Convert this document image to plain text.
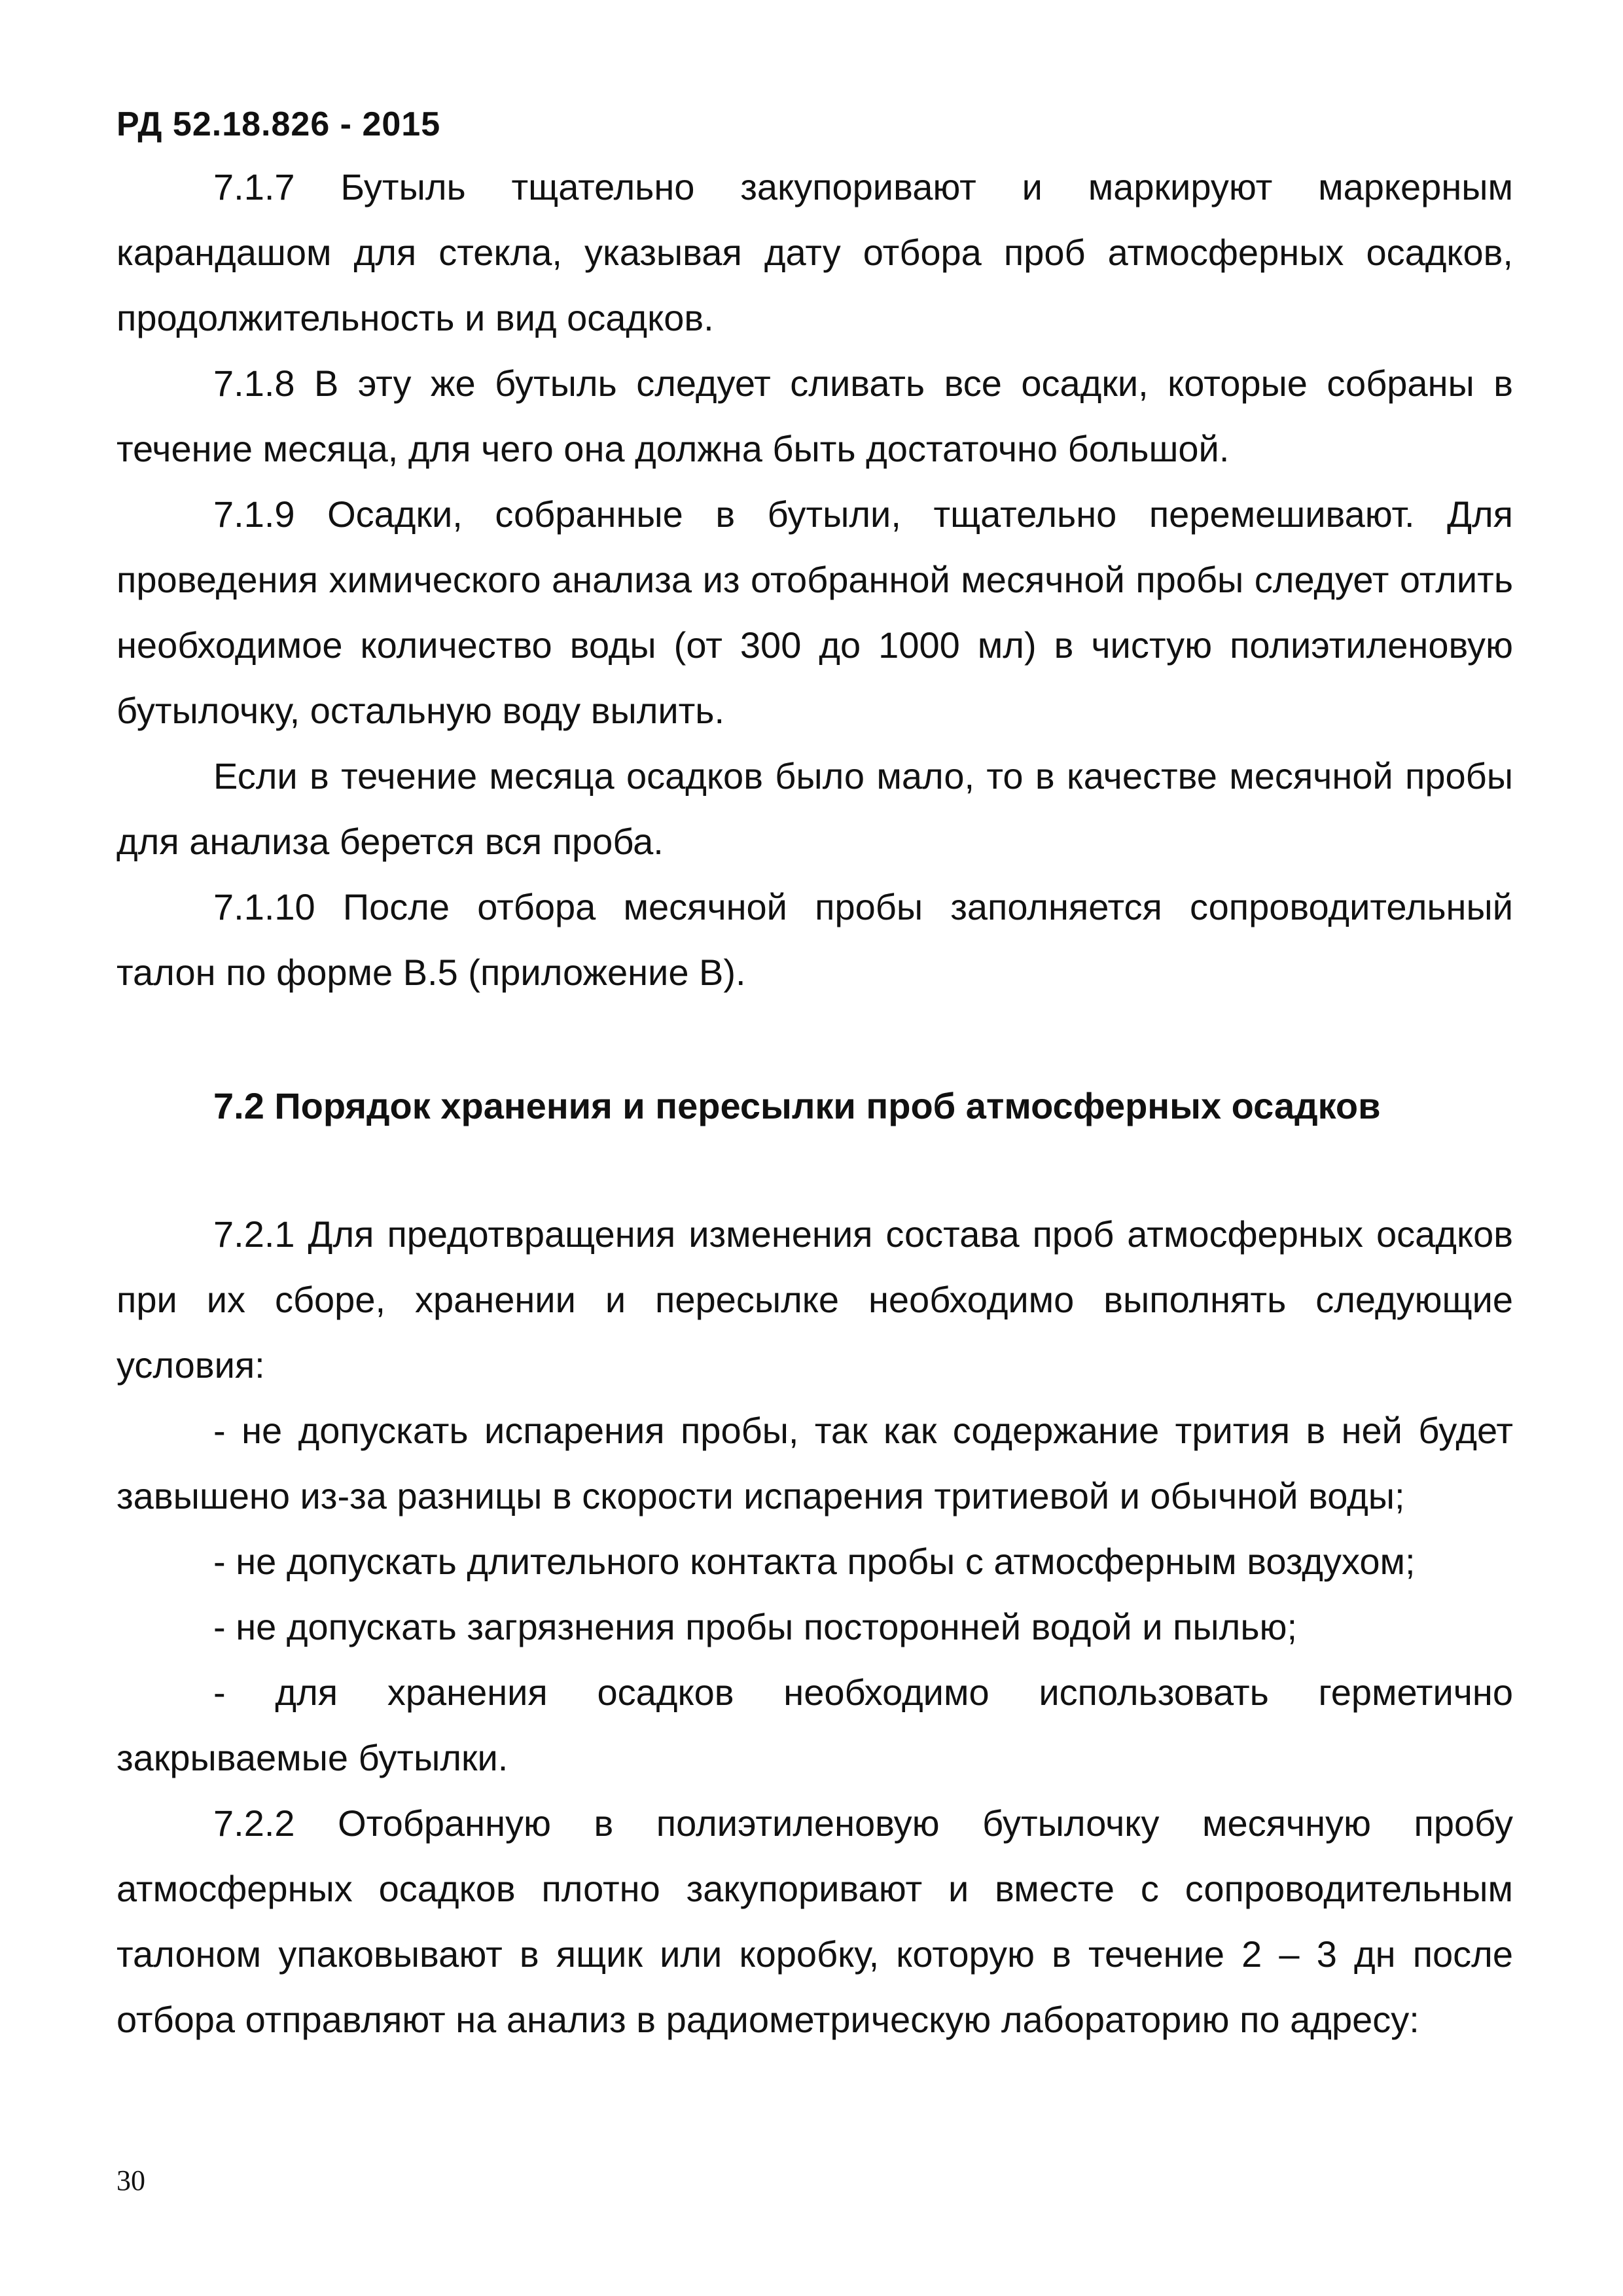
РД 52.18.826 - 2015

7.1.7 Бутыль тщательно закупоривают и маркируют маркерным карандашом для стекла, указывая дату отбора проб атмосферных осадков, продолжительность и вид осадков.

7.1.8 В эту же бутыль следует сливать все осадки, которые собраны в течение месяца, для чего она должна быть достаточно большой.

7.1.9 Осадки, собранные в бутыли, тщательно перемешивают. Для проведения химического анализа из отобранной месячной пробы следует отлить необходимое количество воды (от 300 до 1000 мл) в чистую полиэтиленовую бутылочку, остальную воду вылить.

Если в течение месяца осадков было мало, то в качестве месячной пробы для анализа берется вся проба.

7.1.10 После отбора месячной пробы заполняется сопроводительный талон по форме В.5 (приложение В).

7.2 Порядок хранения и пересылки проб атмосферных осадков

7.2.1 Для предотвращения изменения состава проб атмосферных осадков при их сборе, хранении и пересылке необходимо выполнять следующие условия:

- не допускать испарения пробы, так как содержание трития в ней будет завышено из-за разницы в скорости испарения тритиевой и обычной воды;

- не допускать длительного контакта пробы с атмосферным воздухом;

- не допускать загрязнения пробы посторонней водой и пылью;

- для хранения осадков необходимо использовать герметично закрываемые бутылки.

7.2.2 Отобранную в полиэтиленовую бутылочку месячную пробу атмосферных осадков плотно закупоривают и вместе с сопроводительным талоном упаковывают в ящик или коробку, которую в течение 2 – 3 дн после отбора отправляют на анализ в радиометрическую лабораторию по адресу:

30
